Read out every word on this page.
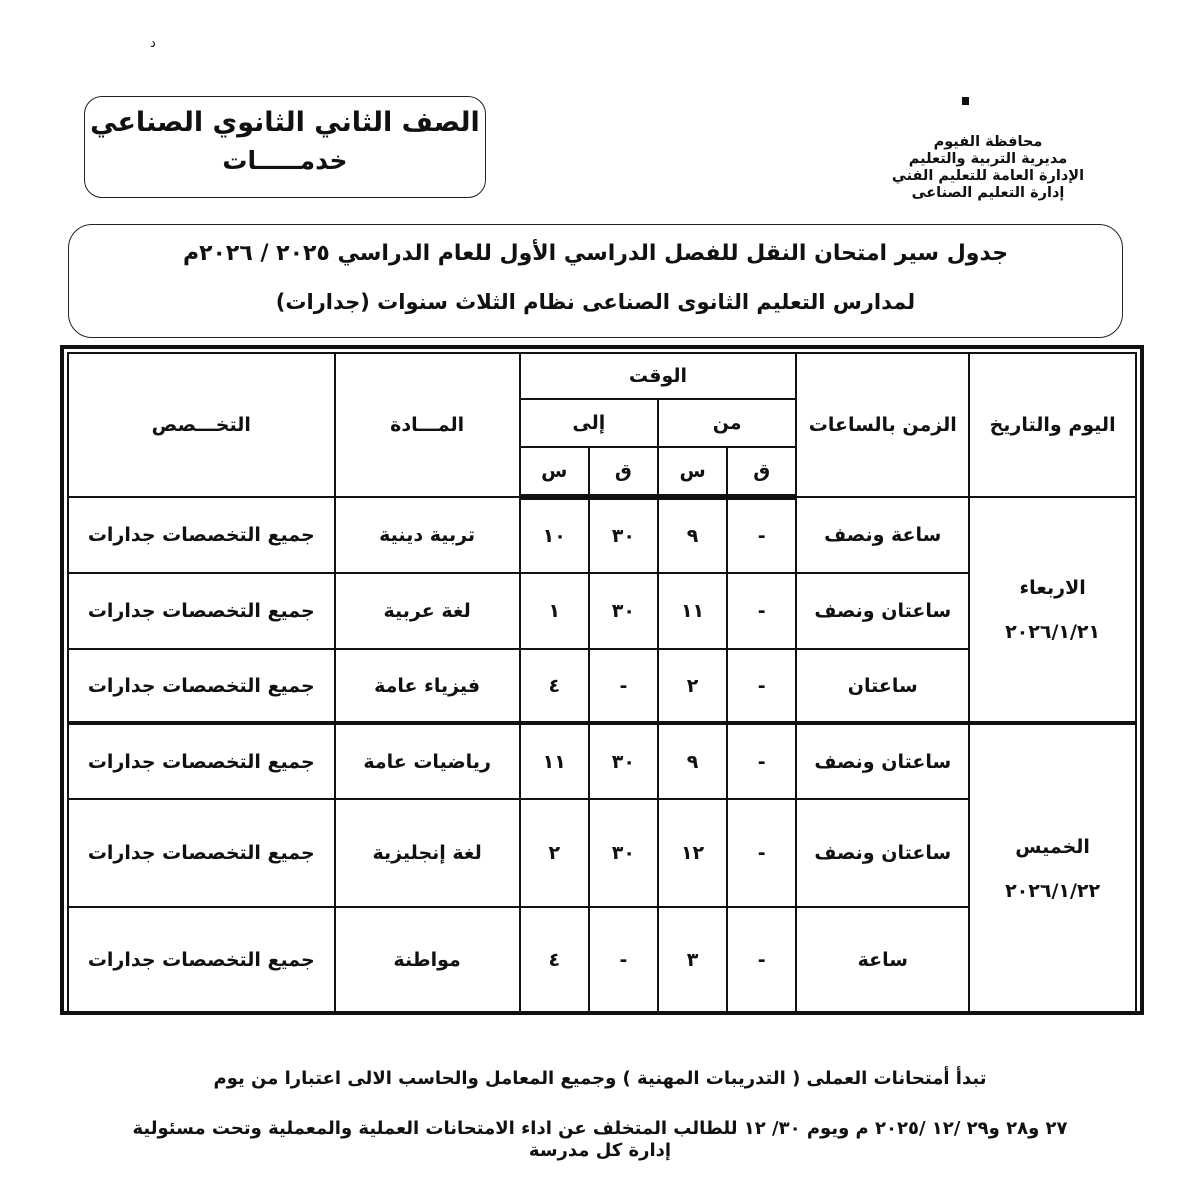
د
الصف الثاني الثانوي الصناعي
خدمـــــات
محافظة الفيوم
مديرية التربية والتعليم
الإدارة العامة للتعليم الفني
إدارة التعليم الصناعى
جدول سير امتحان النقل للفصل الدراسي الأول للعام الدراسي ٢٠٢٥ / ٢٠٢٦م
لمدارس التعليم الثانوى الصناعى نظام الثلاث سنوات (جدارات)
اليوم والتاريخ	الزمن بالساعات	الوقت				المـــادة	التخـــصص
		من		إلى			
		ق	س	ق	س		

الاربعاء
٢٠٢٦/١/٢١	ساعة ونصف	-	٩	٣٠	١٠	تربية دينية	جميع التخصصات جدارات
	ساعتان ونصف	-	١١	٣٠	١	لغة عربية	جميع التخصصات جدارات
	ساعتان	-	٢	-	٤	فيزياء عامة	جميع التخصصات جدارات

الخميس
٢٠٢٦/١/٢٢	ساعتان ونصف	-	٩	٣٠	١١	رياضيات عامة	جميع التخصصات جدارات
	ساعتان ونصف	-	١٢	٣٠	٢	لغة إنجليزية	جميع التخصصات جدارات
	ساعة	-	٣	-	٤	مواطنة	جميع التخصصات جدارات
تبدأ أمتحانات العملى ( التدريبات المهنية ) وجميع المعامل والحاسب الالى اعتبارا من يوم
٢٧ و٢٨ و٢٩ /١٢ /٢٠٢٥ م ويوم ٣٠/ ١٢ للطالب المتخلف عن اداء الامتحانات العملية والمعملية وتحت مسئولية
إدارة كل مدرسة
